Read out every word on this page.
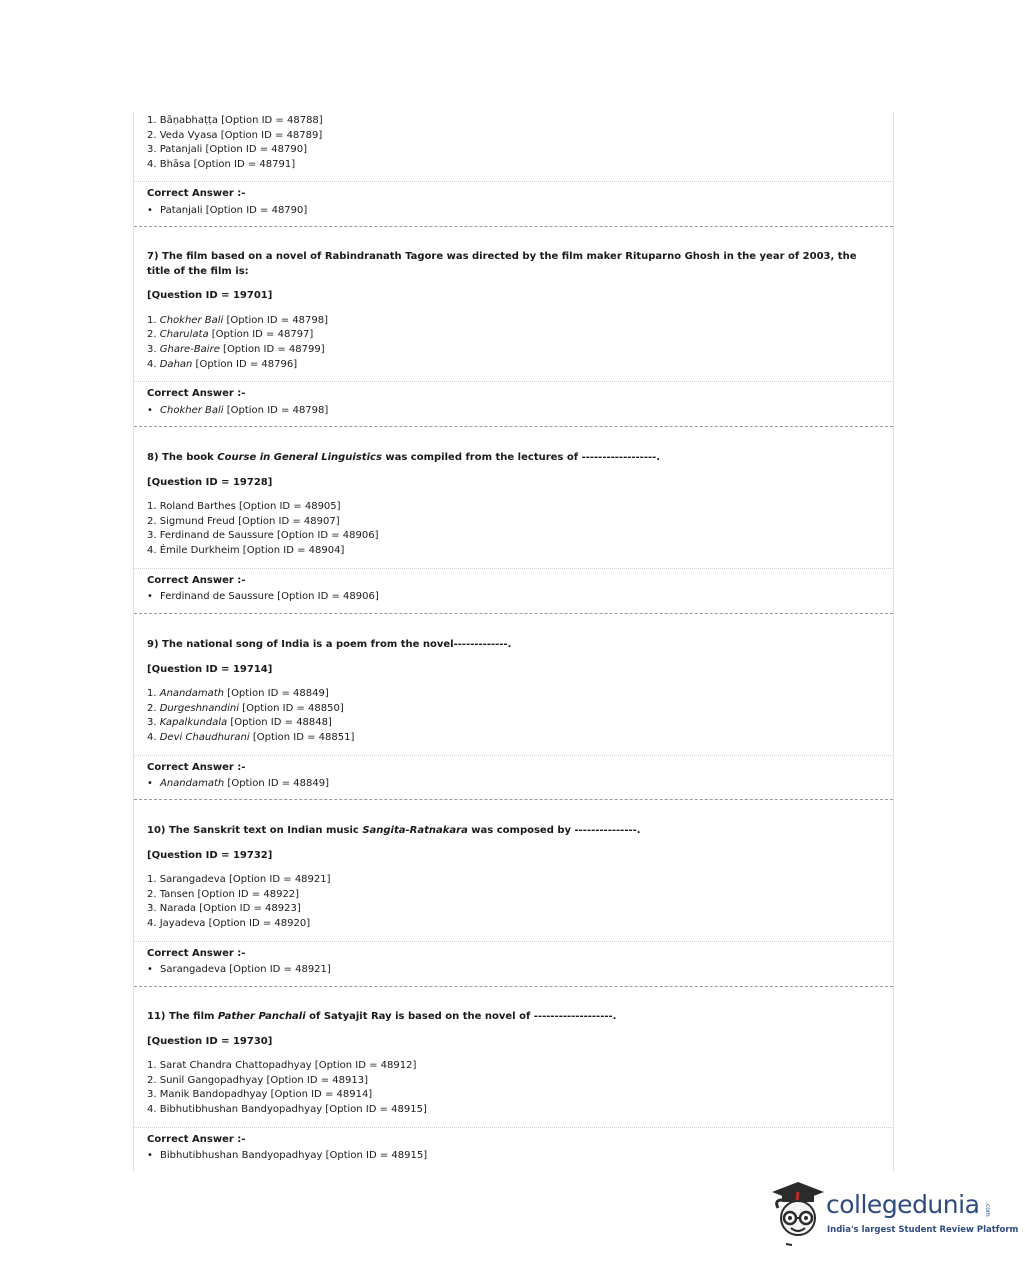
1. Bāṇabhaṭṭa [Option ID = 48788]
2. Veda Vyasa [Option ID = 48789]
3. Patanjali [Option ID = 48790]
4. Bhāsa [Option ID = 48791]
Correct Answer :-
• Patanjali [Option ID = 48790]
7) The film based on a novel of Rabindranath Tagore was directed by the film maker Rituparno Ghosh in the year of 2003, the title of the film is:
[Question ID = 19701]
1. Chokher Bali [Option ID = 48798]
2. Charulata [Option ID = 48797]
3. Ghare-Baire [Option ID = 48799]
4. Dahan [Option ID = 48796]
Correct Answer :-
• Chokher Bali [Option ID = 48798]
8) The book Course in General Linguistics was compiled from the lectures of ------------------.
[Question ID = 19728]
1. Roland Barthes [Option ID = 48905]
2. Sigmund Freud [Option ID = 48907]
3. Ferdinand de Saussure [Option ID = 48906]
4. Émile Durkheim [Option ID = 48904]
Correct Answer :-
• Ferdinand de Saussure [Option ID = 48906]
9) The national song of India is a poem from the novel-------------.
[Question ID = 19714]
1. Anandamath [Option ID = 48849]
2. Durgeshnandini [Option ID = 48850]
3. Kapalkundala [Option ID = 48848]
4. Devi Chaudhurani [Option ID = 48851]
Correct Answer :-
• Anandamath [Option ID = 48849]
10) The Sanskrit text on Indian music Sangita-Ratnakara was composed by ---------------.
[Question ID = 19732]
1. Sarangadeva [Option ID = 48921]
2. Tansen [Option ID = 48922]
3. Narada [Option ID = 48923]
4. Jayadeva [Option ID = 48920]
Correct Answer :-
• Sarangadeva [Option ID = 48921]
11) The film Pather Panchali of Satyajit Ray is based on the novel of -------------------.
[Question ID = 19730]
1. Sarat Chandra Chattopadhyay [Option ID = 48912]
2. Sunil Gangopadhyay [Option ID = 48913]
3. Manik Bandopadhyay [Option ID = 48914]
4. Bibhutibhushan Bandyopadhyay [Option ID = 48915]
Correct Answer :-
• Bibhutibhushan Bandyopadhyay [Option ID = 48915]
collegedunia .com
India's largest Student Review Platform
